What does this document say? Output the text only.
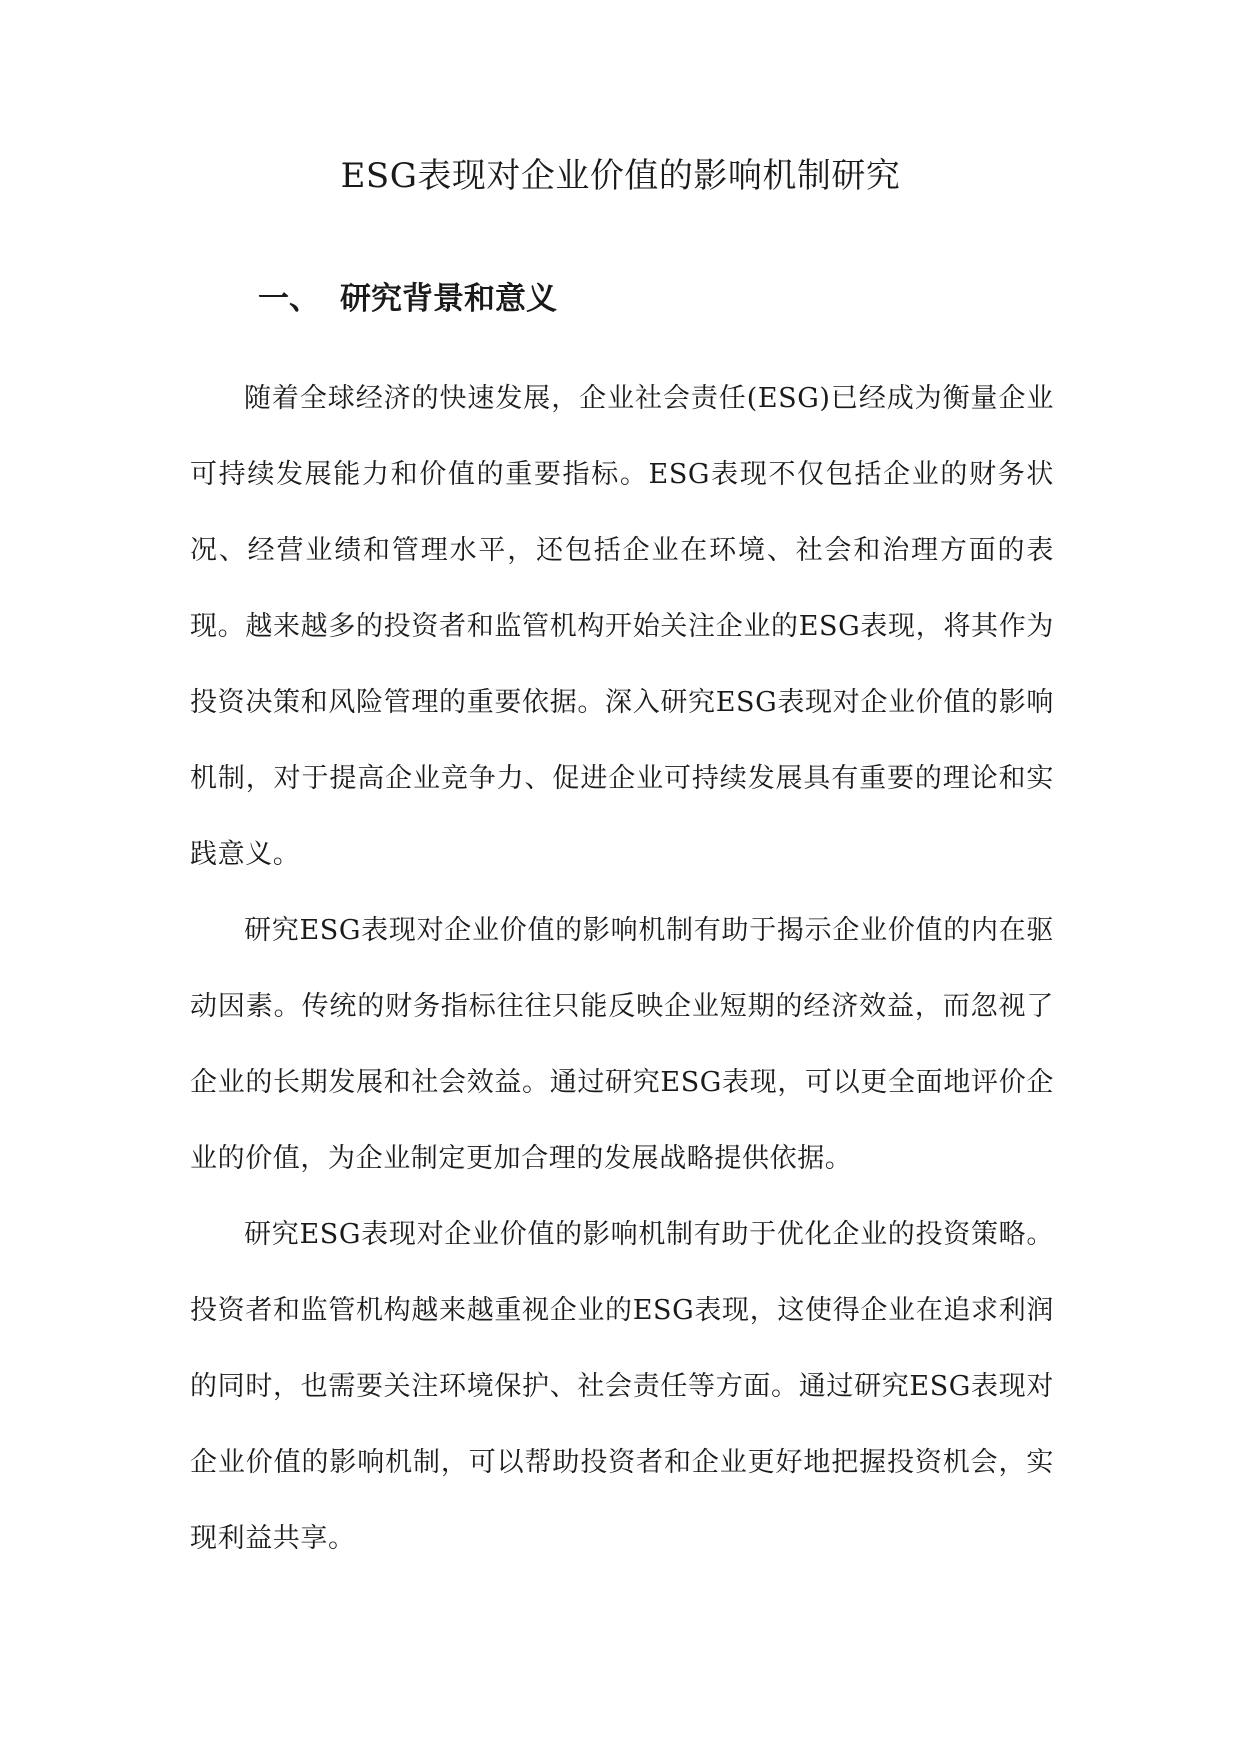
ESG表现对企业价值的影响机制研究
一、 研究背景和意义

随着全球经济的快速发展，企业社会责任(ESG)已经成为衡量企业可持续发展能力和价值的重要指标。ESG表现不仅包括企业的财务状况、经营业绩和管理水平，还包括企业在环境、社会和治理方面的表现。越来越多的投资者和监管机构开始关注企业的ESG表现，将其作为投资决策和风险管理的重要依据。深入研究ESG表现对企业价值的影响机制，对于提高企业竞争力、促进企业可持续发展具有重要的理论和实践意义。

研究ESG表现对企业价值的影响机制有助于揭示企业价值的内在驱动因素。传统的财务指标往往只能反映企业短期的经济效益，而忽视了企业的长期发展和社会效益。通过研究ESG表现，可以更全面地评价企业的价值，为企业制定更加合理的发展战略提供依据。

研究ESG表现对企业价值的影响机制有助于优化企业的投资策略。投资者和监管机构越来越重视企业的ESG表现，这使得企业在追求利润的同时，也需要关注环境保护、社会责任等方面。通过研究ESG表现对企业价值的影响机制，可以帮助投资者和企业更好地把握投资机会，实现利益共享。
